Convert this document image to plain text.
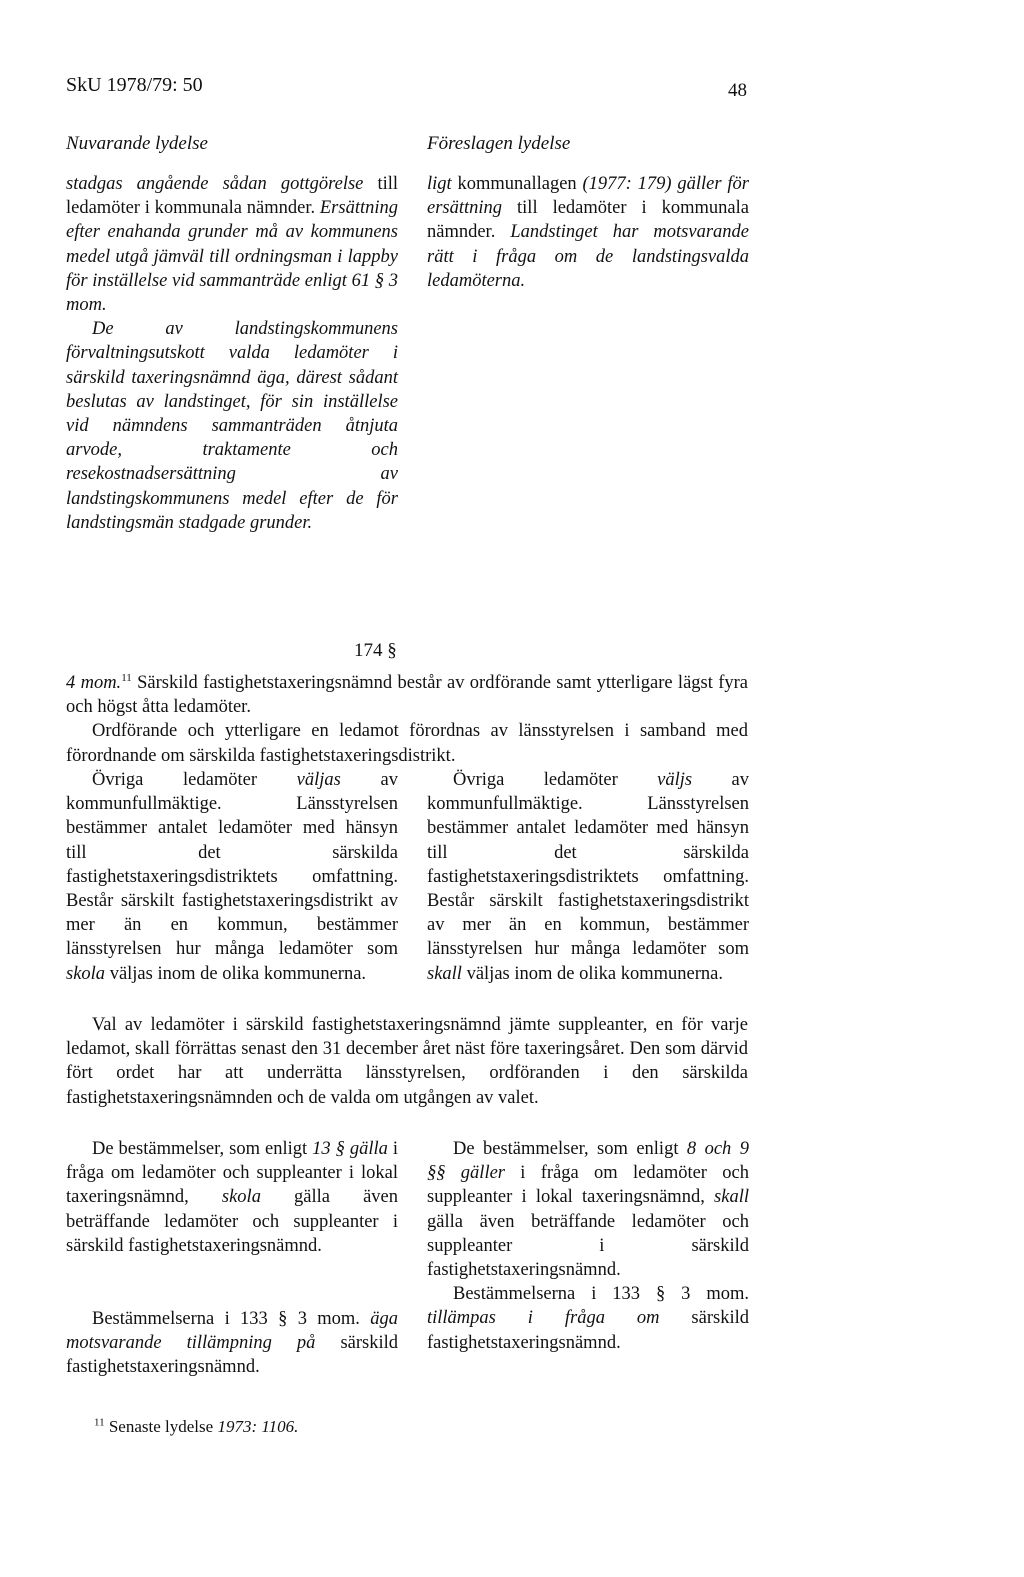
SkU 1978/79: 50	48
Nuvarande lydelse	Föreslagen lydelse

stadgas angående sådan gottgörelse till ledamöter i kommunala nämnder. Ersättning efter enahanda grunder må av kommunens medel utgå jämväl till ordningsman i lappby för inställelse vid sammanträde enligt 61 § 3 mom.

De av landstingskommunens förvaltningsutskott valda ledamöter i särskild taxeringsnämnd äga, därest sådant beslutas av landstinget, för sin inställelse vid nämndens sammanträden åtnjuta arvode, traktamente och resekostnadsersättning av landstingskommunens medel efter de för landstingsmän stadgade grunder.

ligt kommunallagen (1977: 179) gäller för ersättning till ledamöter i kommunala nämnder. Landstinget har motsvarande rätt i fråga om de landstingsvalda ledamöterna.

174 §

4 mom.$^{11}$ Särskild fastighetstaxeringsnämnd består av ordförande samt ytterligare lägst fyra och högst åtta ledamöter.

Ordförande och ytterligare en ledamot förordnas av länsstyrelsen i samband med förordnande om särskilda fastighetstaxeringsdistrikt.

Övriga ledamöter väljas av kommunfullmäktige. Länsstyrelsen bestämmer antalet ledamöter med hänsyn till det särskilda fastighetstaxeringsdistriktets omfattning. Består särskilt fastighetstaxeringsdistrikt av mer än en kommun, bestämmer länsstyrelsen hur många ledamöter som skola väljas inom de olika kommunerna.

Övriga ledamöter väljs av kommunfullmäktige. Länsstyrelsen bestämmer antalet ledamöter med hänsyn till det särskilda fastighetstaxeringsdistriktets omfattning. Består särskilt fastighetstaxeringsdistrikt av mer än en kommun, bestämmer länsstyrelsen hur många ledamöter som skall väljas inom de olika kommunerna.

Val av ledamöter i särskild fastighetstaxeringsnämnd jämte suppleanter, en för varje ledamot, skall förrättas senast den 31 december året näst före taxeringsåret. Den som därvid fört ordet har att underrätta länsstyrelsen, ordföranden i den särskilda fastighetstaxeringsnämnden och de valda om utgången av valet.

De bestämmelser, som enligt 13 § gälla i fråga om ledamöter och suppleanter i lokal taxeringsnämnd, skola gälla även beträffande ledamöter och suppleanter i särskild fastighetstaxeringsnämnd.

Bestämmelserna i 133 § 3 mom. äga motsvarande tillämpning på särskild fastighetstaxeringsnämnd.

De bestämmelser, som enligt 8 och 9 §§ gäller i fråga om ledamöter och suppleanter i lokal taxeringsnämnd, skall gälla även beträffande ledamöter och suppleanter i särskild fastighetstaxeringsnämnd.

Bestämmelserna i 133 § 3 mom. tillämpas i fråga om särskild fastighetstaxeringsnämnd.

$^{11}$ Senaste lydelse 1973: 1106.
